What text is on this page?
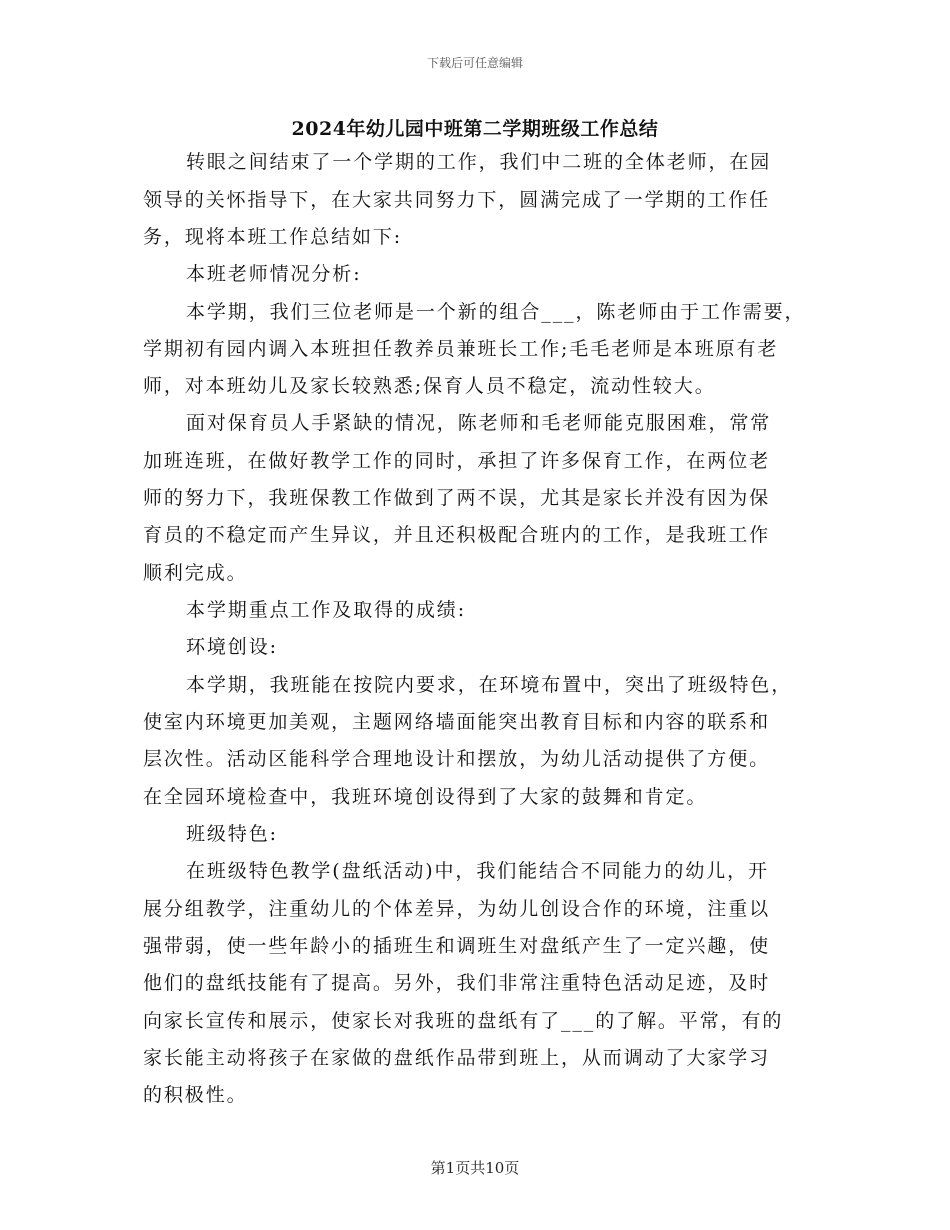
下载后可任意编辑
2024年幼儿园中班第二学期班级工作总结
转眼之间结束了一个学期的工作，我们中二班的全体老师，在园
领导的关怀指导下，在大家共同努力下，圆满完成了一学期的工作任
务，现将本班工作总结如下:
本班老师情况分析:
本学期，我们三位老师是一个新的组合___，陈老师由于工作需要，
学期初有园内调入本班担任教养员兼班长工作;毛毛老师是本班原有老
师，对本班幼儿及家长较熟悉;保育人员不稳定，流动性较大。
面对保育员人手紧缺的情况，陈老师和毛老师能克服困难，常常
加班连班，在做好教学工作的同时，承担了许多保育工作，在两位老
师的努力下，我班保教工作做到了两不误，尤其是家长并没有因为保
育员的不稳定而产生异议，并且还积极配合班内的工作，是我班工作
顺利完成。
本学期重点工作及取得的成绩:
环境创设:
本学期，我班能在按院内要求，在环境布置中，突出了班级特色，
使室内环境更加美观，主题网络墙面能突出教育目标和内容的联系和
层次性。活动区能科学合理地设计和摆放，为幼儿活动提供了方便。
在全园环境检查中，我班环境创设得到了大家的鼓舞和肯定。
班级特色:
在班级特色教学(盘纸活动)中，我们能结合不同能力的幼儿，开
展分组教学，注重幼儿的个体差异，为幼儿创设合作的环境，注重以
强带弱，使一些年龄小的插班生和调班生对盘纸产生了一定兴趣，使
他们的盘纸技能有了提高。另外，我们非常注重特色活动足迹，及时
向家长宣传和展示，使家长对我班的盘纸有了___的了解。平常，有的
家长能主动将孩子在家做的盘纸作品带到班上，从而调动了大家学习
的积极性。
第1页共10页
